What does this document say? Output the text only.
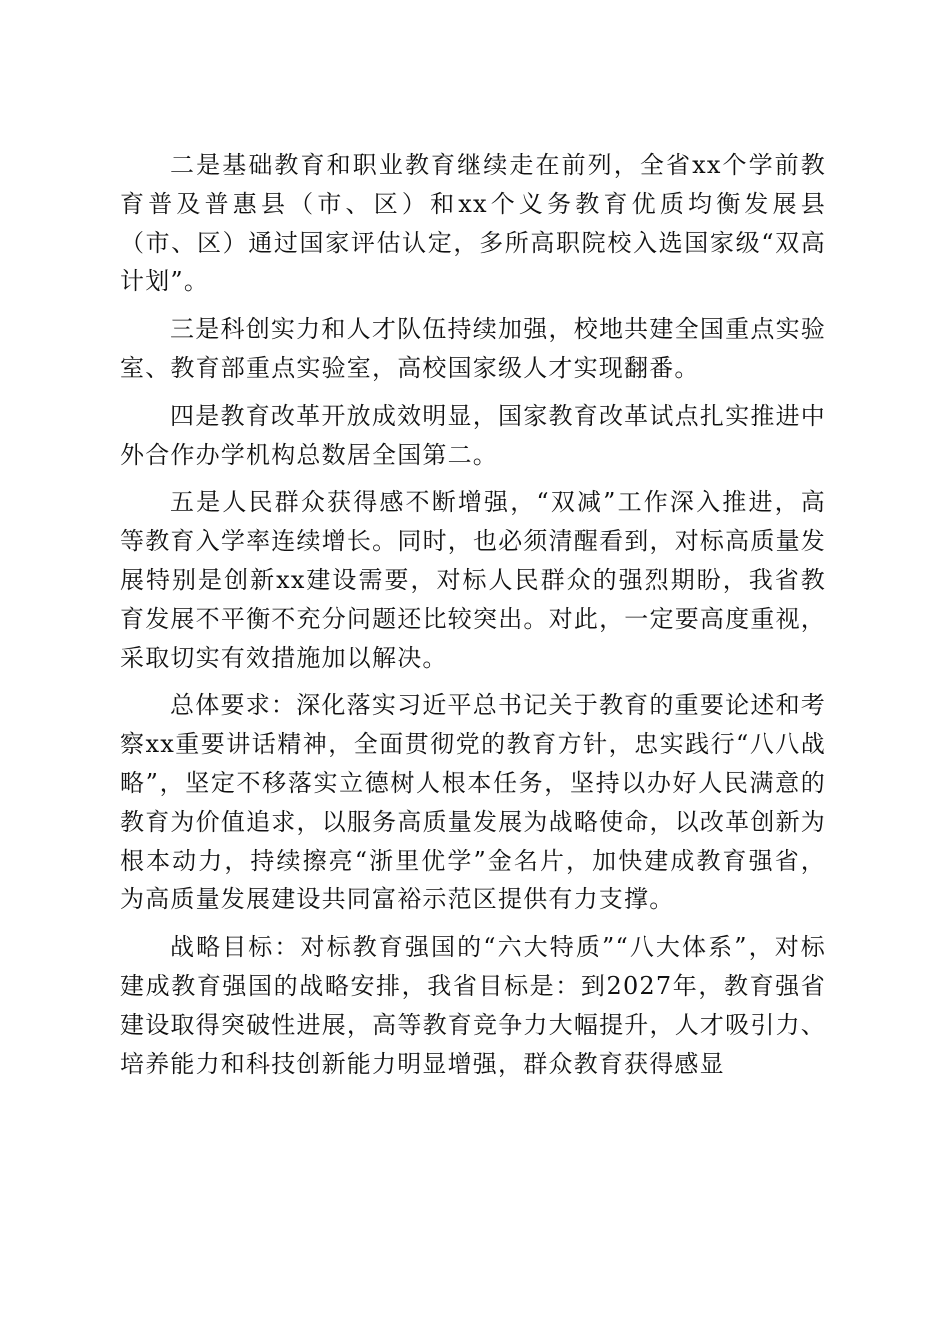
二是基础教育和职业教育继续走在前列，全省xx个学前教育普及普惠县（市、区）和xx个义务教育优质均衡发展县（市、区）通过国家评估认定，多所高职院校入选国家级“双高计划”。

三是科创实力和人才队伍持续加强，校地共建全国重点实验室、教育部重点实验室，高校国家级人才实现翻番。

四是教育改革开放成效明显，国家教育改革试点扎实推进中外合作办学机构总数居全国第二。

五是人民群众获得感不断增强，“双减”工作深入推进，高等教育入学率连续增长。同时，也必须清醒看到，对标高质量发展特别是创新xx建设需要，对标人民群众的强烈期盼，我省教育发展不平衡不充分问题还比较突出。对此，一定要高度重视，采取切实有效措施加以解决。

总体要求：深化落实习近平总书记关于教育的重要论述和考察xx重要讲话精神，全面贯彻党的教育方针，忠实践行“八八战略”，坚定不移落实立德树人根本任务，坚持以办好人民满意的教育为价值追求，以服务高质量发展为战略使命，以改革创新为根本动力，持续擦亮“浙里优学”金名片，加快建成教育强省，为高质量发展建设共同富裕示范区提供有力支撑。

战略目标：对标教育强国的“六大特质”“八大体系”，对标建成教育强国的战略安排，我省目标是：到2027年，教育强省建设取得突破性进展，高等教育竞争力大幅提升，人才吸引力、培养能力和科技创新能力明显增强，群众教育获得感显
